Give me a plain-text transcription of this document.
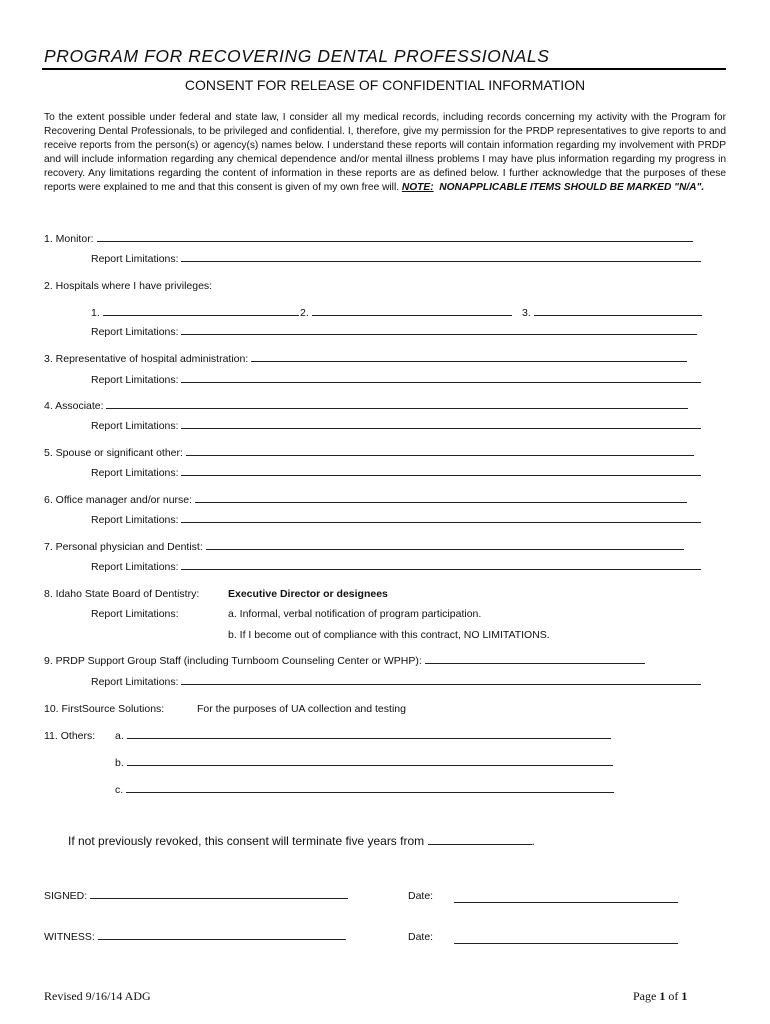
PROGRAM FOR RECOVERING DENTAL PROFESSIONALS
CONSENT FOR RELEASE OF CONFIDENTIAL INFORMATION
To the extent possible under federal and state law, I consider all my medical records, including records concerning my activity with the Program for Recovering Dental Professionals, to be privileged and confidential. I, therefore, give my permission for the PRDP representatives to give reports to and receive reports from the person(s) or agency(s) names below. I understand these reports will contain information regarding my involvement with PRDP and will include information regarding any chemical dependence and/or mental illness problems I may have plus information regarding my progress in recovery. Any limitations regarding the content of information in these reports are as defined below. I further acknowledge that the purposes of these reports were explained to me and that this consent is given of my own free will. NOTE: NONAPPLICABLE ITEMS SHOULD BE MARKED "N/A".
1. Monitor:
Report Limitations:
2. Hospitals where I have privileges:
1.	2.	3.
Report Limitations:
3. Representative of hospital administration:
Report Limitations:
4. Associate:
Report Limitations:
5. Spouse or significant other:
Report Limitations:
6. Office manager and/or nurse:
Report Limitations:
7. Personal physician and Dentist:
Report Limitations:
8. Idaho State Board of Dentistry:	Executive Director or designees
Report Limitations:	a. Informal, verbal notification of program participation.
b. If I become out of compliance with this contract, NO LIMITATIONS.
9. PRDP Support Group Staff (including Turnboom Counseling Center or WPHP):
Report Limitations:
10. FirstSource Solutions:	For the purposes of UA collection and testing
11. Others: a.
b.
c.
If not previously revoked, this consent will terminate five years from	.
SIGNED:	Date:
WITNESS:	Date:
Revised 9/16/14 ADG	Page 1 of 1
